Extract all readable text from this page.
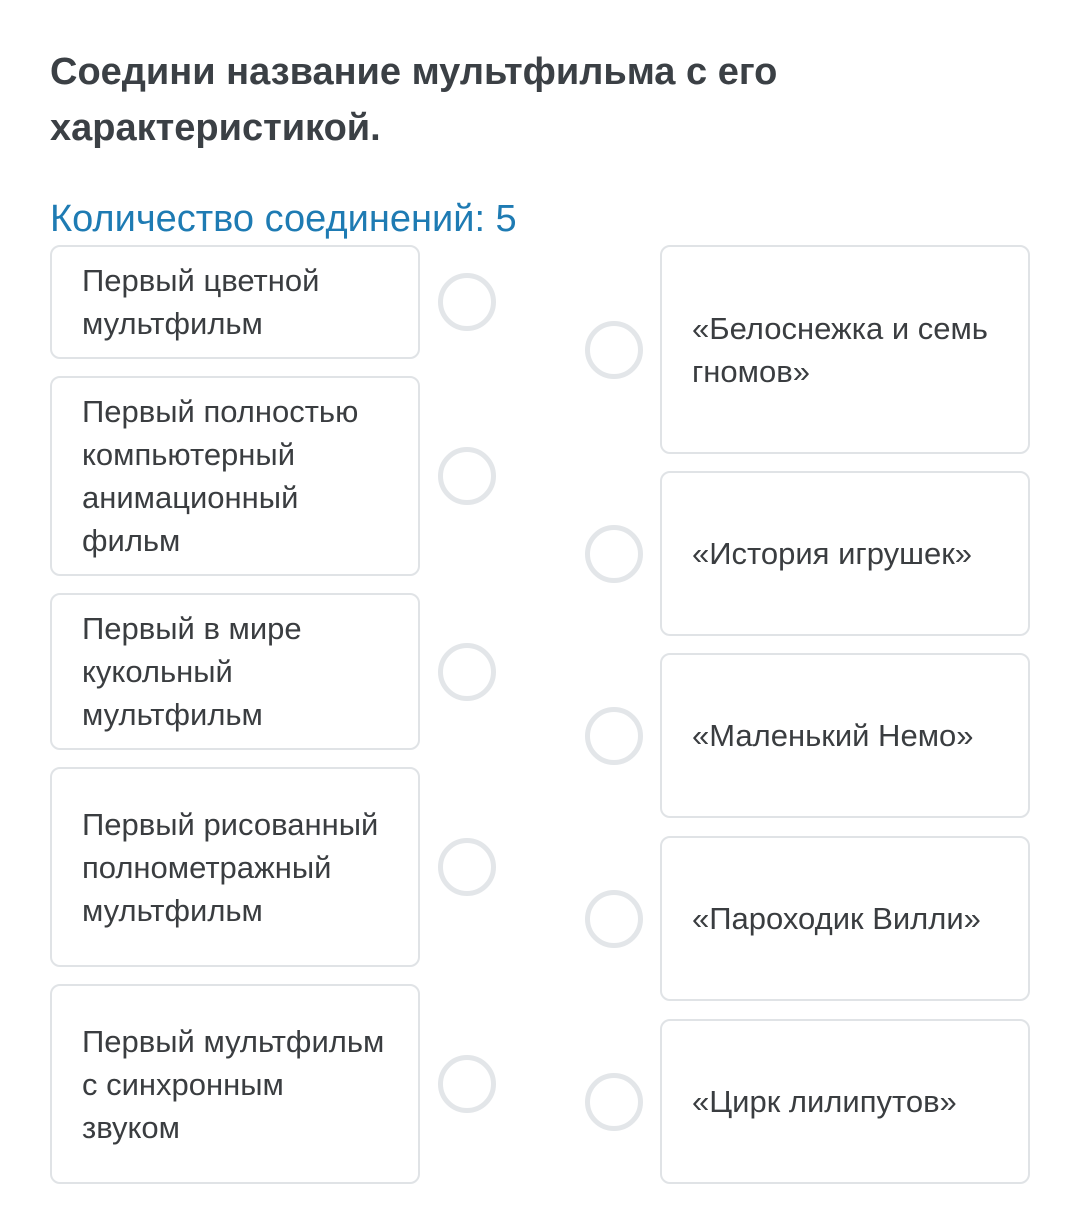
Соедини название мультфильма с его характеристикой.
Количество соединений: 5
Первый цветной мультфильм
Первый полностью компьютерный анимационный фильм
Первый в мире кукольный мультфильм
Первый рисованный полнометражный мультфильм
Первый мультфильм с синхронным звуком
«Белоснежка и семь гномов»
«История игрушек»
«Маленький Немо»
«Пароходик Вилли»
«Цирк лилипутов»
